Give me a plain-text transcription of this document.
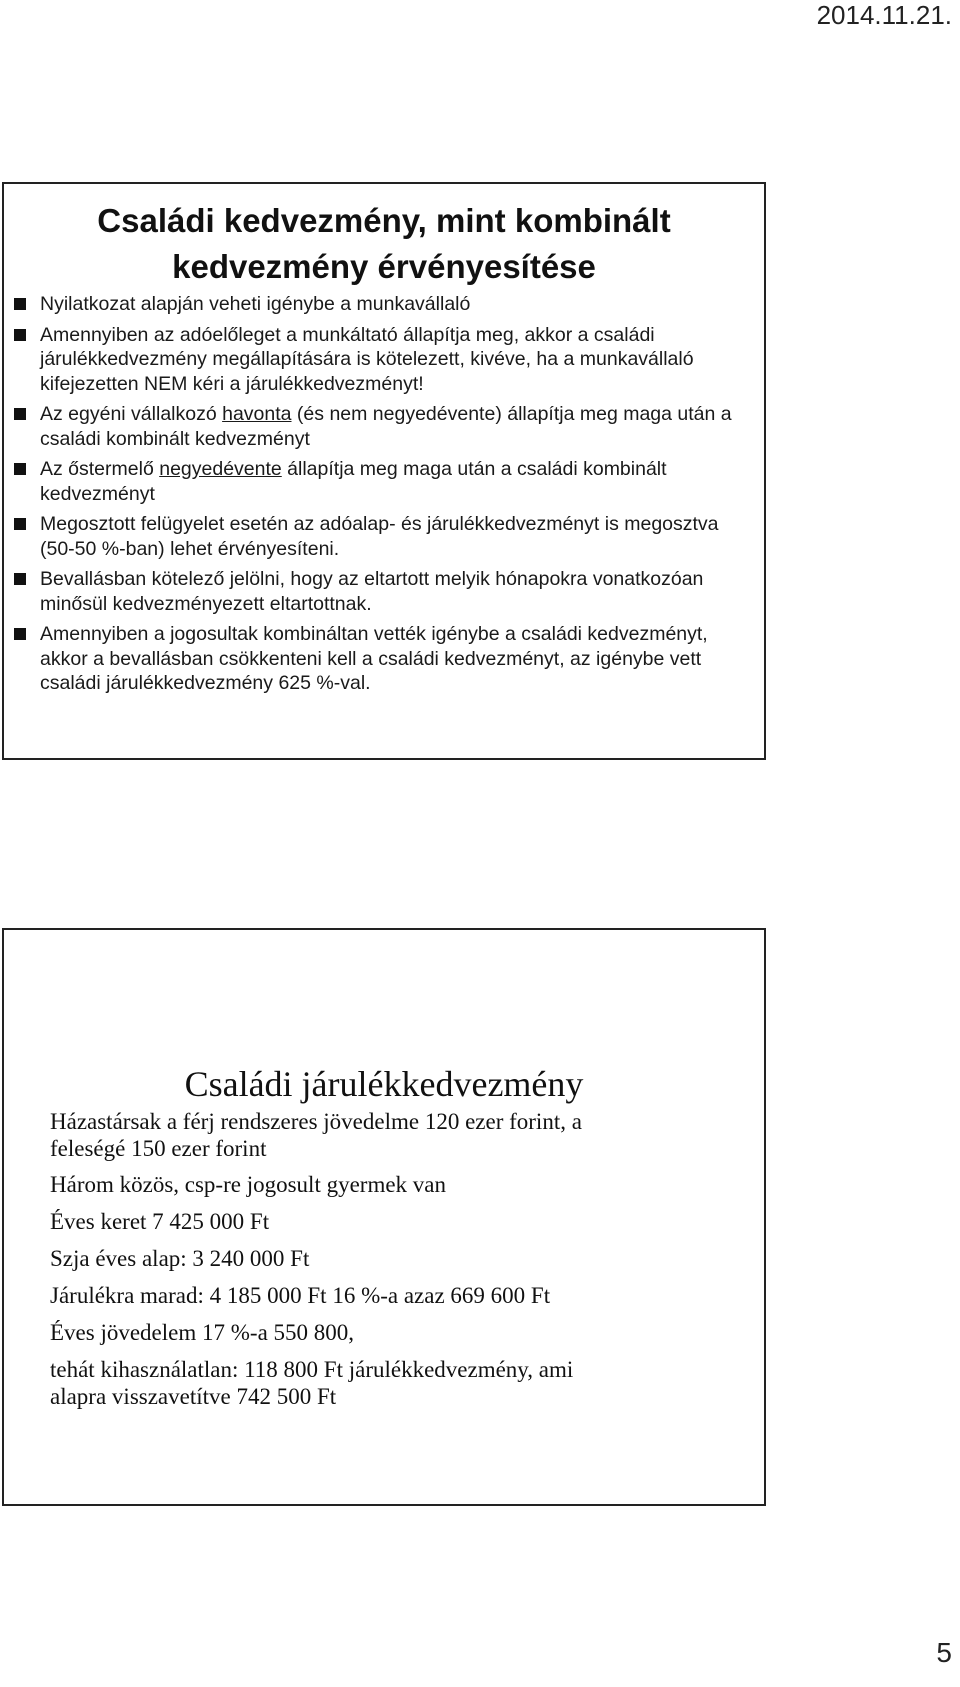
2014.11.21.
Családi kedvezmény, mint kombinált
kedvezmény érvényesítése
Nyilatkozat alapján veheti igénybe a munkavállaló
Amennyiben az adóelőleget a munkáltató állapítja meg, akkor a családi járulékkedvezmény megállapítására is kötelezett, kivéve, ha a munkavállaló kifejezetten NEM kéri a járulékkedvezményt!
Az egyéni vállalkozó havonta (és nem negyedévente) állapítja meg maga után a családi kombinált kedvezményt
Az őstermelő negyedévente állapítja meg maga után a családi kombinált kedvezményt
Megosztott felügyelet esetén az adóalap- és járulékkedvezményt is megosztva (50-50 %-ban) lehet érvényesíteni.
Bevallásban kötelező jelölni, hogy az eltartott melyik hónapokra vonatkozóan minősül kedvezményezett eltartottnak.
Amennyiben a jogosultak kombináltan vették igénybe a családi kedvezményt, akkor a bevallásban csökkenteni kell a családi kedvezményt, az igénybe vett családi járulékkedvezmény 625 %-val.
Családi járulékkedvezmény

Házastársak a férj rendszeres jövedelme 120 ezer forint, a

feleségé 150 ezer forint

Három közös, csp-re jogosult gyermek van

Éves keret 7 425 000 Ft

Szja éves alap: 3 240 000 Ft

Járulékra marad: 4 185 000 Ft 16 %-a azaz 669 600 Ft

Éves jövedelem 17 %-a 550 800,

tehát kihasználatlan: 118 800 Ft járulékkedvezmény, ami

alapra visszavetítve 742 500 Ft

5
